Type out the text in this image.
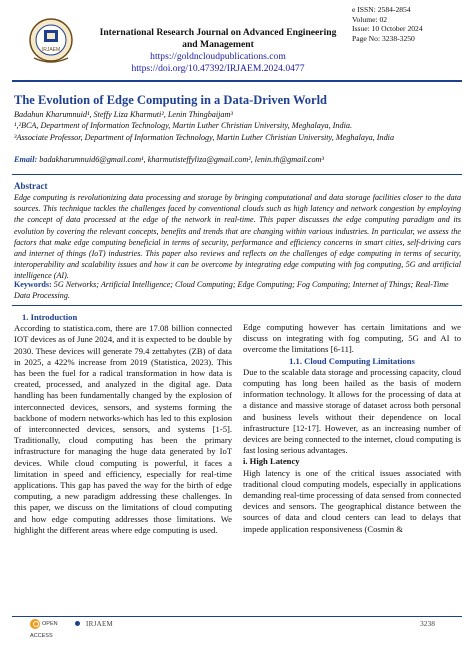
IRJAEM
International Research Journal on Advanced Engineering
and Management
https://goldncloudpublications.com
https://doi.org/10.47392/IRJAEM.2024.0477
e ISSN: 2584-2854
Volume: 02
Issue: 10 October 2024
Page No: 3238-3250
The Evolution of Edge Computing in a Data-Driven World
Badahun Kharumnuid¹, Steffy Liza Kharmuti², Lenin Thingbaijam³
¹,²BCA, Department of Information Technology, Martin Luther Christian University, Meghalaya, India.
³Associate Professor, Department of Information Technology, Martin Luther Christian University, Meghalaya, India
Email: badakharumnuid6@gmail.com¹, kharmutisteffyliza@gmail.com², lenin.th@gmail.com³
Abstract
Edge computing is revolutionizing data processing and storage by bringing computational and data storage facilities closer to the data sources. This technique tackles the challenges faced by conventional clouds such as high latency and network congestion by employing the concept of data processed at the edge of the network in real-time. This paper discusses the edge computing paradigm and its evolution by covering the relevant concepts, benefits and trends that are changing within various industries. In particular, we assess the factors that make edge computing beneficial in terms of security, performance and efficiency concerns in smart cities, self-driving cars and internet of things (IoT) industries. This paper also reviews and reflects on the challenges of edge computing in terms of security, interoperability and scalability issues and how it can be overcome by integrating edge computing with fog computing, 5G and artificial intelligence (AI).
Keywords: 5G Networks; Artificial Intelligence; Cloud Computing; Edge Computing; Fog Computing; Internet of Things; Real-Time Data Processing.
1. Introduction
According to statistica.com, there are 17.08 billion connected IOT devices as of June 2024, and it is expected to be double by 2030. These devices will generate 79.4 zettabytes (ZB) of data in 2025, a 422% increase from 2019 (Statistica, 2023). This has been the fuel for a radical transformation in how data is created, processed, and analyzed in the digital age. Data handling has been fundamentally changed by the explosion of interconnected devices, sensors, and systems forming the backbone of modern networks-which has led to this explosion of interconnected devices, sensors, and systems [1-5]. Traditionally, cloud computing has been the primary infrastructure for managing the huge data generated by IoT devices. While cloud computing is powerful, it faces a limitation in speed and efficiency, especially for real-time applications. This gap has paved the way for the birth of edge computing, a new paradigm addressing these challenges. In this paper, we discuss on the limitations of cloud computing and how edge computing addresses those limitations. We highlight the different areas where edge computing is used.
Edge computing however has certain limitations and we discuss on integrating with fog computing, 5G and AI to overcome the limitations [6-11].
1.1. Cloud Computing Limitations
Due to the scalable data storage and processing capacity, cloud computing has long been hailed as the basis of modern information technology. It allows for the processing of data at a distance and massive storage of dataset across both personal and business levels without their dependence on local infrastructure [12-17]. However, as an increasing number of devices are being connected to the internet, cloud computing is fast losing serious advantages.
i. High Latency
High latency is one of the critical issues associated with traditional cloud computing models, especially in applications demanding real-time processing of data sensed from connected devices and sensors. The geographical distance between the sources of data and cloud centers can lead to delays that impede application responsiveness (Cosmin &
OPEN ACCESS
IRJAEM	3238
